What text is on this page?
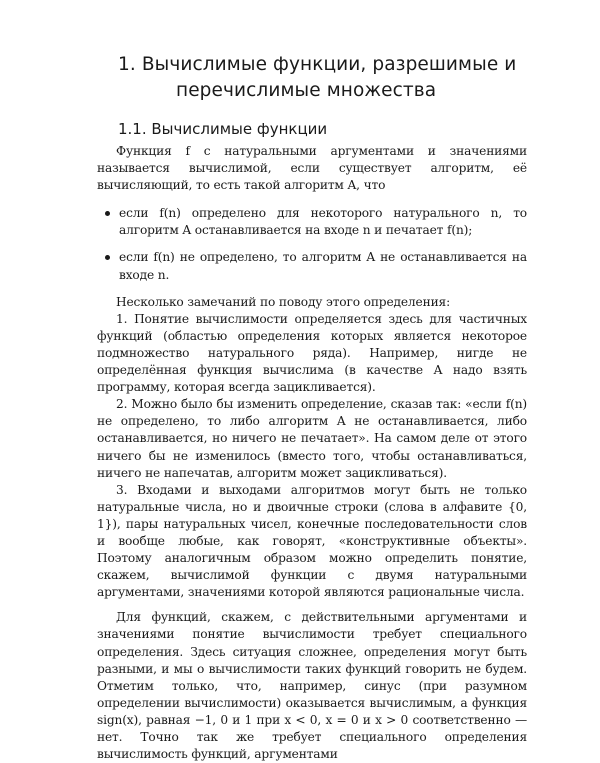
1. Вычислимые функции, разрешимые и
перечислимые множества
1.1. Вычислимые функции

Функция f с натуральными аргументами и значениями называется вычислимой, если существует алгоритм, её вычисляющий, то есть такой алгоритм A, что

если f(n) определено для некоторого натурального n, то алгоритм A останавливается на входе n и печатает f(n);
если f(n) не определено, то алгоритм A не останавливается на входе n.

Несколько замечаний по поводу этого определения:

1. Понятие вычислимости определяется здесь для частичных функций (областью определения которых является некоторое подмножество натурального ряда). Например, нигде не определённая функция вычислима (в качестве A надо взять программу, которая всегда зацикливается).

2. Можно было бы изменить определение, сказав так: «если f(n) не определено, то либо алгоритм A не останавливается, либо останавливается, но ничего не печатает». На самом деле от этого ничего бы не изменилось (вместо того, чтобы останавливаться, ничего не напечатав, алгоритм может зацикливаться).

3. Входами и выходами алгоритмов могут быть не только натуральные числа, но и двоичные строки (слова в алфавите {0, 1}), пары натуральных чисел, конечные последовательности слов и вообще любые, как говорят, «конструктивные объекты». Поэтому аналогичным образом можно определить понятие, скажем, вычислимой функции с двумя натуральными аргументами, значениями которой являются рациональные числа.

Для функций, скажем, с действительными аргументами и значениями понятие вычислимости требует специального определения. Здесь ситуация сложнее, определения могут быть разными, и мы о вычислимости таких функций говорить не будем. Отметим только, что, например, синус (при разумном определении вычислимости) оказывается вычислимым, а функция sign(x), равная −1, 0 и 1 при x < 0, x = 0 и x > 0 соответственно — нет. Точно так же требует специального определения вычислимость функций, аргументами
